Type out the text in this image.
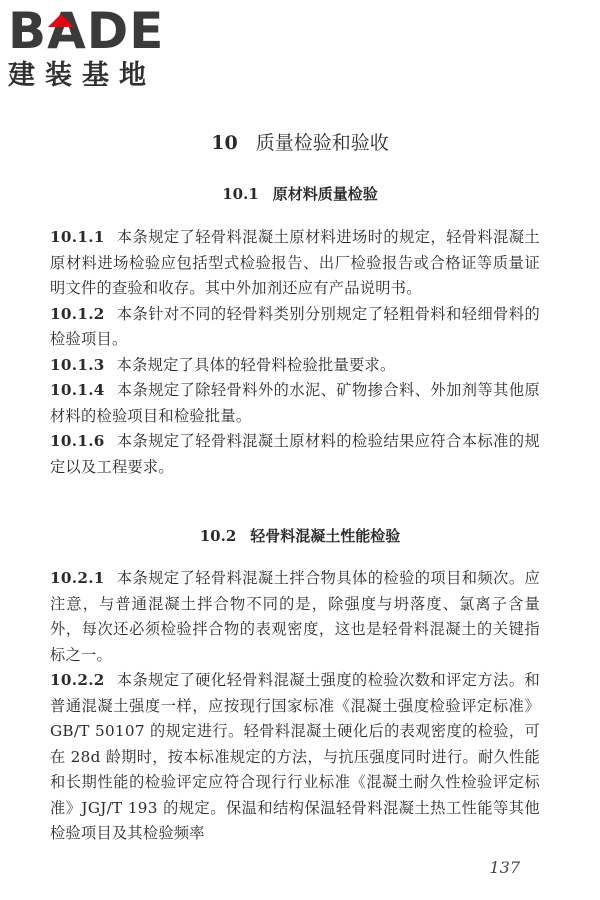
BADE
建装基地
10 质量检验和验收
10.1 原材料质量检验

10.1.1 本条规定了轻骨料混凝土原材料进场时的规定，轻骨料混凝土原材料进场检验应包括型式检验报告、出厂检验报告或合格证等质量证明文件的查验和收存。其中外加剂还应有产品说明书。

10.1.2 本条针对不同的轻骨料类别分别规定了轻粗骨料和轻细骨料的检验项目。

10.1.3 本条规定了具体的轻骨料检验批量要求。

10.1.4 本条规定了除轻骨料外的水泥、矿物掺合料、外加剂等其他原材料的检验项目和检验批量。

10.1.6 本条规定了轻骨料混凝土原材料的检验结果应符合本标准的规定以及工程要求。

10.2 轻骨料混凝土性能检验

10.2.1 本条规定了轻骨料混凝土拌合物具体的检验的项目和频次。应注意，与普通混凝土拌合物不同的是，除强度与坍落度、氯离子含量外，每次还必须检验拌合物的表观密度，这也是轻骨料混凝土的关键指标之一。

10.2.2 本条规定了硬化轻骨料混凝土强度的检验次数和评定方法。和普通混凝土强度一样，应按现行国家标准《混凝土强度检验评定标准》GB/T 50107 的规定进行。轻骨料混凝土硬化后的表观密度的检验，可在 28d 龄期时，按本标准规定的方法，与抗压强度同时进行。耐久性能和长期性能的检验评定应符合现行行业标准《混凝土耐久性检验评定标准》JGJ/T 193 的规定。保温和结构保温轻骨料混凝土热工性能等其他检验项目及其检验频率

137
